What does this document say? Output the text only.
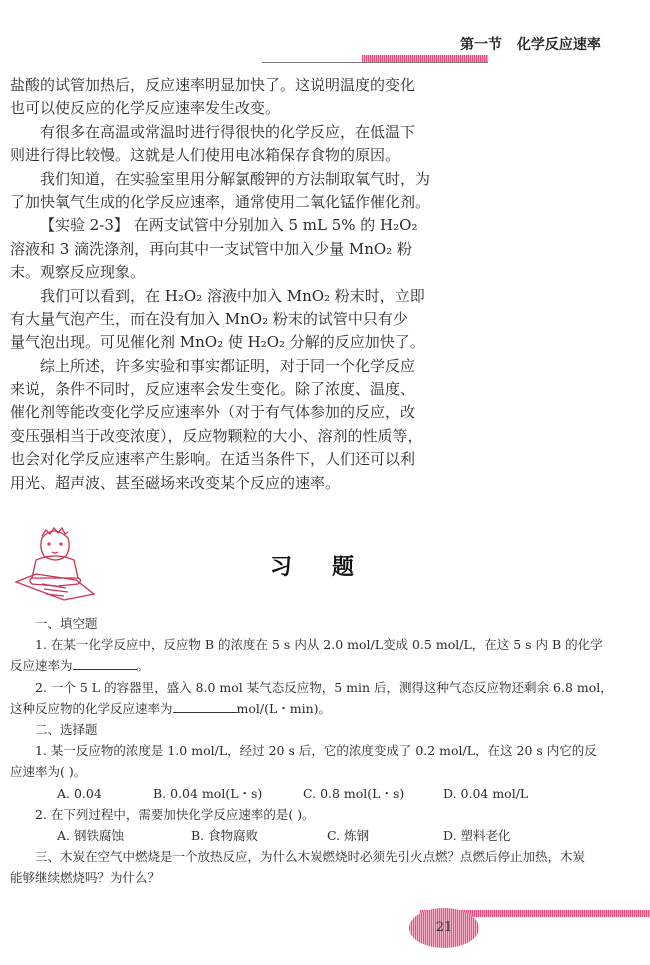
第一节 化学反应速率
盐酸的试管加热后，反应速率明显加快了。这说明温度的变化
也可以使反应的化学反应速率发生改变。
有很多在高温或常温时进行得很快的化学反应，在低温下
则进行得比较慢。这就是人们使用电冰箱保存食物的原因。
我们知道，在实验室里用分解氯酸钾的方法制取氧气时，为
了加快氧气生成的化学反应速率，通常使用二氧化锰作催化剂。
【实验 2-3】 在两支试管中分别加入 5 mL 5% 的 H₂O₂
溶液和 3 滴洗涤剂，再向其中一支试管中加入少量 MnO₂ 粉
末。观察反应现象。
我们可以看到，在 H₂O₂ 溶液中加入 MnO₂ 粉末时，立即
有大量气泡产生，而在没有加入 MnO₂ 粉末的试管中只有少
量气泡出现。可见催化剂 MnO₂ 使 H₂O₂ 分解的反应加快了。
综上所述，许多实验和事实都证明，对于同一个化学反应
来说，条件不同时，反应速率会发生变化。除了浓度、温度、
催化剂等能改变化学反应速率外（对于有气体参加的反应，改
变压强相当于改变浓度），反应物颗粒的大小、溶剂的性质等，
也会对化学反应速率产生影响。在适当条件下，人们还可以利
用光、超声波、甚至磁场来改变某个反应的速率。
习题
一、填空题
1. 在某一化学反应中，反应物 B 的浓度在 5 s 内从 2.0 mol/L变成 0.5 mol/L，在这 5 s 内 B 的化学
反应速率为	。
2. 一个 5 L 的容器里，盛入 8.0 mol 某气态反应物，5 min 后，测得这种气态反应物还剩余 6.8 mol，
这种反应物的化学反应速率为	mol/(L・min)。
二、选择题
1. 某一反应物的浓度是 1.0 mol/L，经过 20 s 后，它的浓度变成了 0.2 mol/L，在这 20 s 内它的反
应速率为( )。
A. 0.04	B. 0.04 mol(L・s)	C. 0.8 mol(L・s)	D. 0.04 mol/L
2. 在下列过程中，需要加快化学反应速率的是( )。
A. 钢铁腐蚀	B. 食物腐败	C. 炼钢	D. 塑料老化
三、木炭在空气中燃烧是一个放热反应，为什么木炭燃烧时必须先引火点燃？点燃后停止加热，木炭
能够继续燃烧吗？为什么？
21
